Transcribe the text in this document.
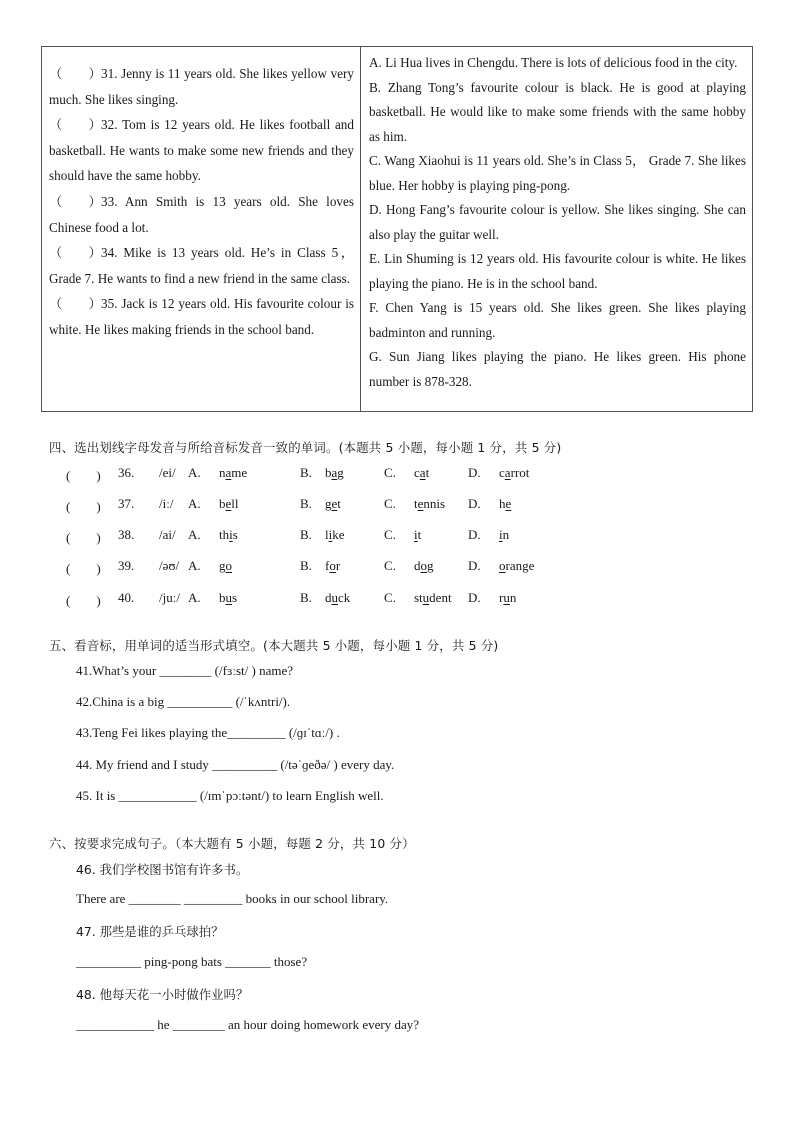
（　　）31. Jenny is 11 years old. She likes yellow very much. She likes singing.
（　　）32. Tom is 12 years old. He likes football and basketball. He wants to make some new friends and they should have the same hobby.
（　　）33. Ann Smith is 13 years old. She loves Chinese food a lot.
（　　）34. Mike is 13 years old. He’s in Class 5，Grade 7. He wants to find a new friend in the same class.
（　　）35. Jack is 12 years old. His favourite colour is white. He likes making friends in the school band.
A. Li Hua lives in Chengdu. There is lots of delicious food in the city.
B. Zhang Tong’s favourite colour is black. He is good at playing basketball. He would like to make some friends with the same hobby as him.
C. Wang Xiaohui is 11 years old. She’s in Class 5， Grade 7. She likes blue. Her hobby is playing ping-pong.
D. Hong Fang’s favourite colour is yellow. She likes singing. She can also play the guitar well.
E. Lin Shuming is 12 years old. His favourite colour is white. He likes playing the piano. He is in the school band.
F. Chen Yang is 15 years old. She likes green. She likes playing badminton and running.
G. Sun Jiang likes playing the piano. He likes green. His phone number is 878-328.
四、选出划线字母发音与所给音标发音一致的单词。(本题共 5 小题，每小题 1 分，共 5 分)
(　　) 36. /ei/ A. name	B. bag	C. cat	D. carrot
(　　) 37. /iː/ A. bell	B. get	C. tennis D. he
(　　) 38. /ai/ A. this	B. like	C. it	D. in
(　　) 39. /əʊ/ A. go	B. for	C. dog	D. orange
(　　) 40. /juː/ A. bus	B. duck	C. student D. run
五、看音标，用单词的适当形式填空。(本大题共 5 小题，每小题 1 分，共 5 分)
41.What’s your ________ (/fɜːst/ ) name?
42.China is a big __________ (/ˈkʌntri/).
43.Teng Fei likes playing the_________ (/ɡɪˈtɑː/) .
44. My friend and I study __________ (/təˈɡeðə/ ) every day.
45. It is ____________ (/ɪmˈpɔːtənt/) to learn English well.
六、按要求完成句子。（本大题有 5 小题，每题 2 分，共 10 分）
46. 我们学校图书馆有许多书。
There are ________ _________ books in our school library.
47. 那些是谁的乒乓球拍？
__________ ping-pong bats _______ those?
48. 他每天花一小时做作业吗？
____________ he ________ an hour doing homework every day?
